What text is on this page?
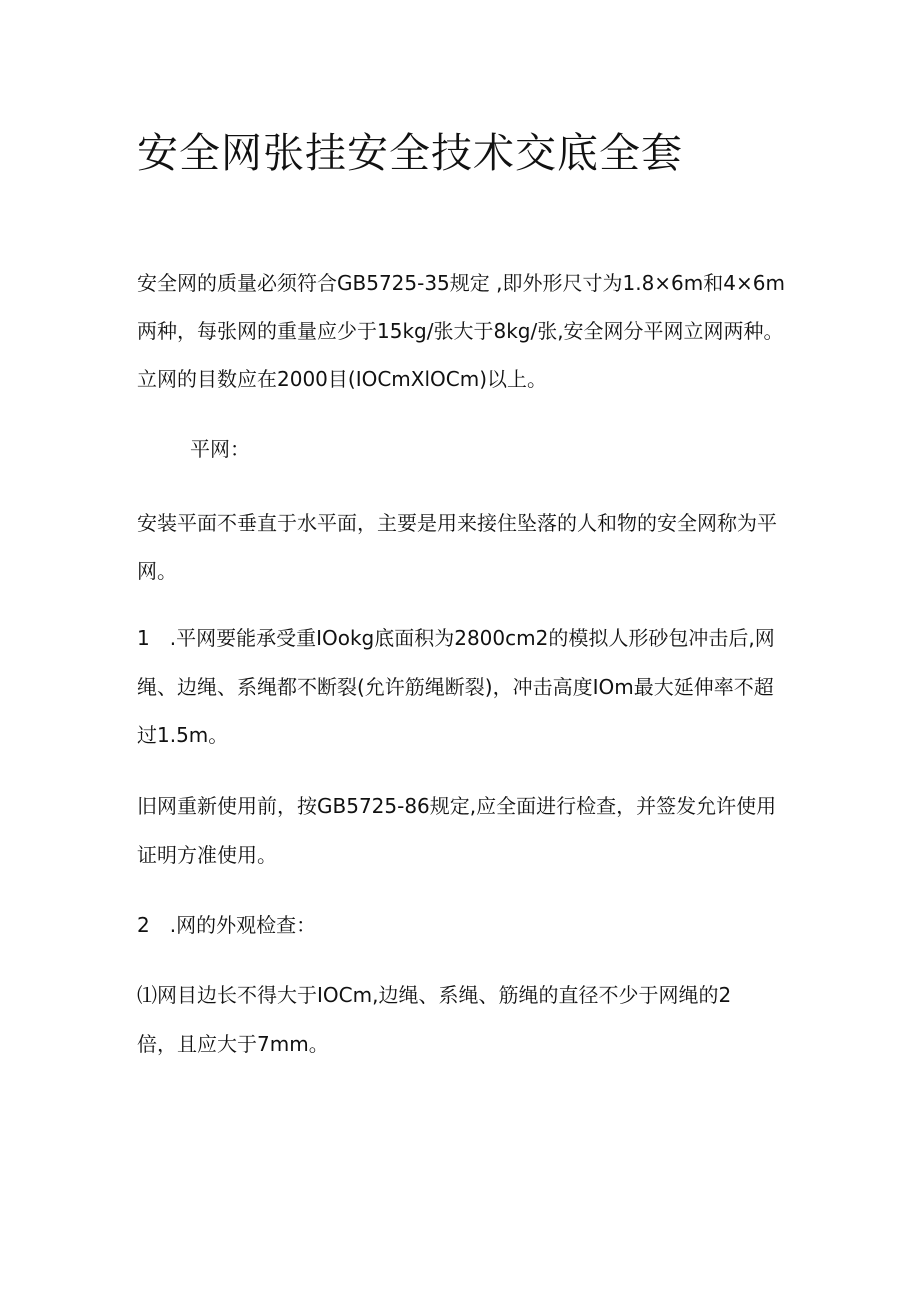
安全网张挂安全技术交底全套

安全网的质量必须符合GB5725-35规定 ,即外形尺寸为1.8×6m和4×6m

两种，每张网的重量应少于15kg/张大于8kg/张,安全网分平网立网两种。

立网的目数应在2000目(IOCmXlOCm)以上。

平网：

安装平面不垂直于水平面，主要是用来接住坠落的人和物的安全网称为平

网。

1　.平网要能承受重IOokg底面积为2800cm2的模拟人形砂包冲击后,网

绳、边绳、系绳都不断裂(允许筋绳断裂)，冲击高度IOm最大延伸率不超

过1.5m。

旧网重新使用前，按GB5725-86规定,应全面进行检查，并签发允许使用

证明方准使用。

2　.网的外观检查：

⑴网目边长不得大于IOCm,边绳、系绳、筋绳的直径不少于网绳的2

倍，且应大于7mm。
